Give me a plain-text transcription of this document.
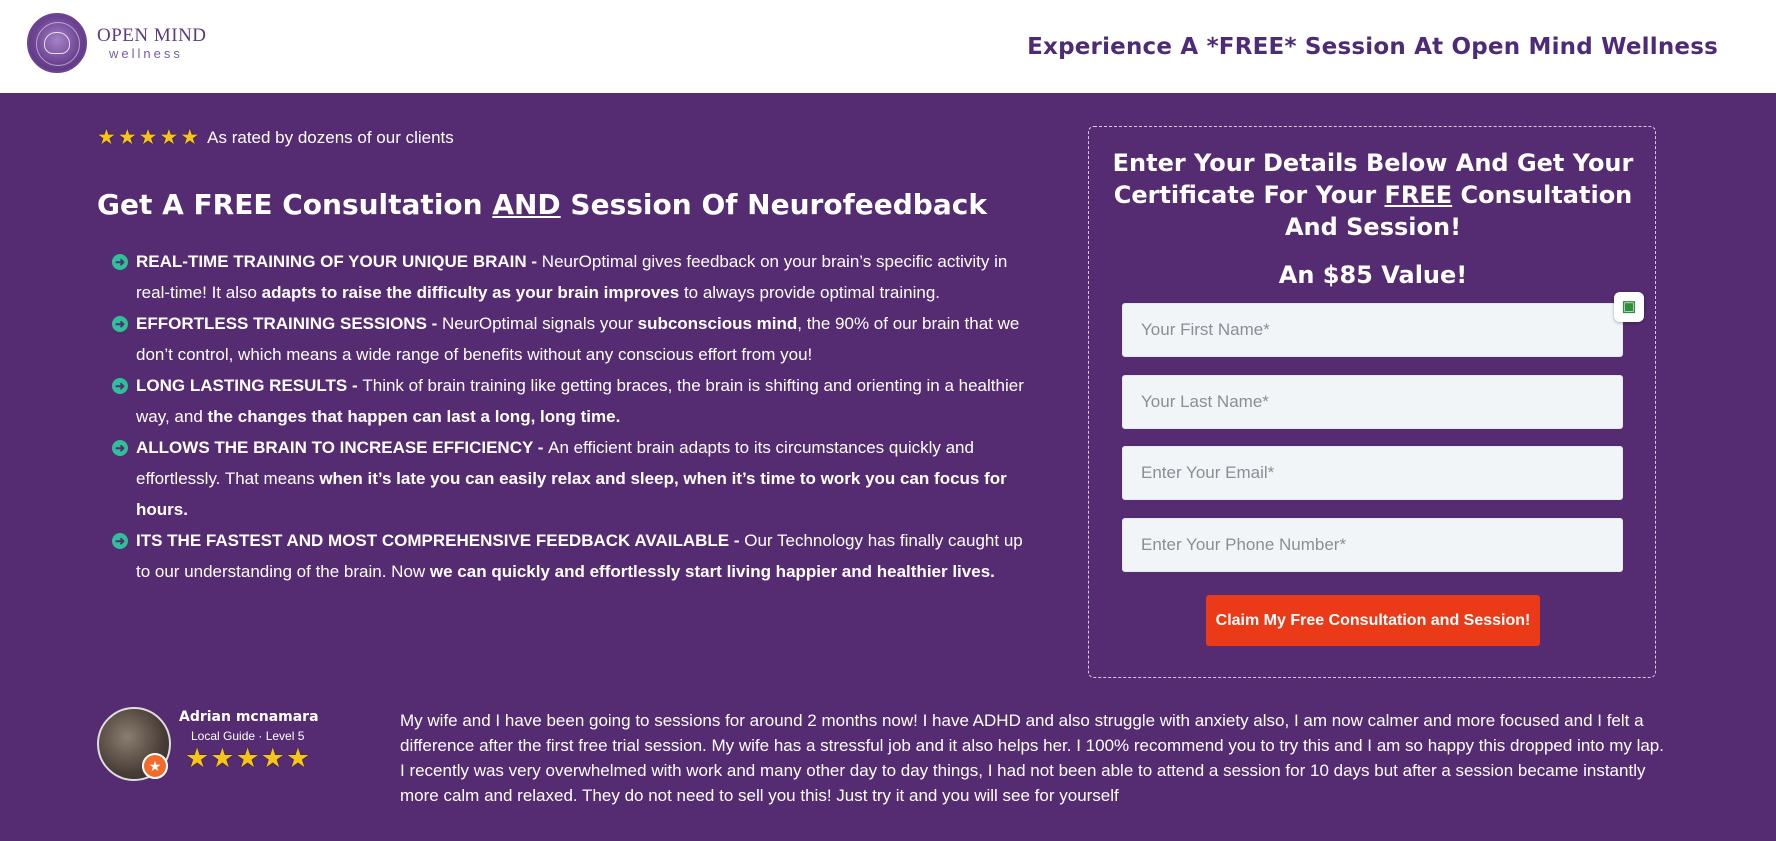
OPEN MIND
wellness	Experience A *FREE* Session At Open Mind Wellness
★ ★ ★ ★ ★ As rated by dozens of our clients
Get A FREE Consultation AND Session Of Neurofeedback
➜ REAL-TIME TRAINING OF YOUR UNIQUE BRAIN - NeurOptimal gives feedback on your brain’s specific activity in real-time! It also adapts to raise the difficulty as your brain improves to always provide optimal training.
➜ EFFORTLESS TRAINING SESSIONS - NeurOptimal signals your subconscious mind, the 90% of our brain that we don’t control, which means a wide range of benefits without any conscious effort from you!
➜ LONG LASTING RESULTS - Think of brain training like getting braces, the brain is shifting and orienting in a healthier way, and the changes that happen can last a long, long time.
➜ ALLOWS THE BRAIN TO INCREASE EFFICIENCY - An efficient brain adapts to its circumstances quickly and effortlessly. That means when it’s late you can easily relax and sleep, when it’s time to work you can focus for hours.
➜ ITS THE FASTEST AND MOST COMPREHENSIVE FEEDBACK AVAILABLE - Our Technology has finally caught up to our understanding of the brain. Now we can quickly and effortlessly start living happier and healthier lives.
Enter Your Details Below And Get Your Certificate For Your FREE Consultation And Session!
An $85 Value!
Your First Name*
▣
Your Last Name*
Enter Your Email*
Enter Your Phone Number*
Claim My Free Consultation and Session!
★
Adrian mcnamara
Local Guide · Level 5
★ ★ ★ ★ ★

My wife and I have been going to sessions for around 2 months now! I have ADHD and also struggle with anxiety also, I am now calmer and more focused and I felt a difference after the first free trial session. My wife has a stressful job and it also helps her. I 100% recommend you to try this and I am so happy this dropped into my lap. I recently was very overwhelmed with work and many other day to day things, I had not been able to attend a session for 10 days but after a session became instantly more calm and relaxed. They do not need to sell you this! Just try it and you will see for yourself
